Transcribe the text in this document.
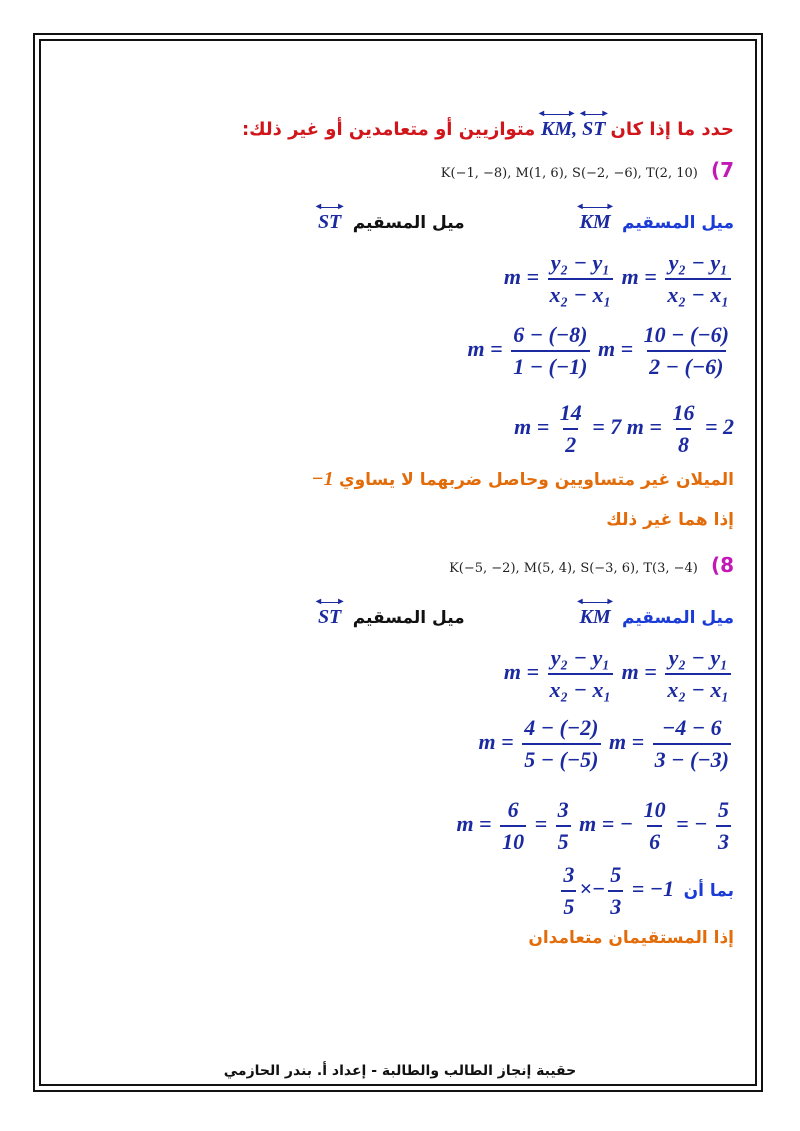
متوازيين أو متعامدين أو غير ذلك:
◂	▸
KM,
◂ ▸
ST حدد ما إذا كان
K(−1, −8), M(1, 6), S(−2, −6), T(2, 10) (7
◂ ▸
ST ميل المسقيم
◂	▸
KM ميل المسقيم
$m = \frac{\text{y₂ − y₁}}{\text{x₂ − x₁}}$ $m = \frac{\text{y₂ − y₁}}{\text{x₂ − x₁}}$
$m = \frac{6 - (-8)}{1 - (-1)}$ $m = \frac{10 - (-6)}{2 - (-6)}$
$m = \frac{14}{2} = 7$ $m = \frac{16}{8} = 2$
−1 الميلان غير متساويين وحاصل ضربهما لا يساوي
إذا هما غير ذلك
K(−5, −2), M(5, 4), S(−3, 6), T(3, −4) (8
◂ ▸
ST ميل المسقيم
◂	▸
KM ميل المسقيم
$m = \frac{\text{y₂ − y₁}}{\text{x₂ − x₁}}$ $m = \frac{\text{y₂ − y₁}}{\text{x₂ − x₁}}$
$m = \frac{4 - (-2)}{5 - (-5)}$ $m = \frac{-4 - 6}{3 - (-3)}$
$m = \frac{6}{10} = \frac{3}{5}$ m = − $\frac{10}{6}$ = − $\frac{5}{3}$
$\frac{3}{5} \times- \frac{5}{3} = -1$ بما أن
إذا المستقيمان متعامدان
حقيبة إنجاز الطالب والطالبة - إعداد أ. بندر الحازمي
